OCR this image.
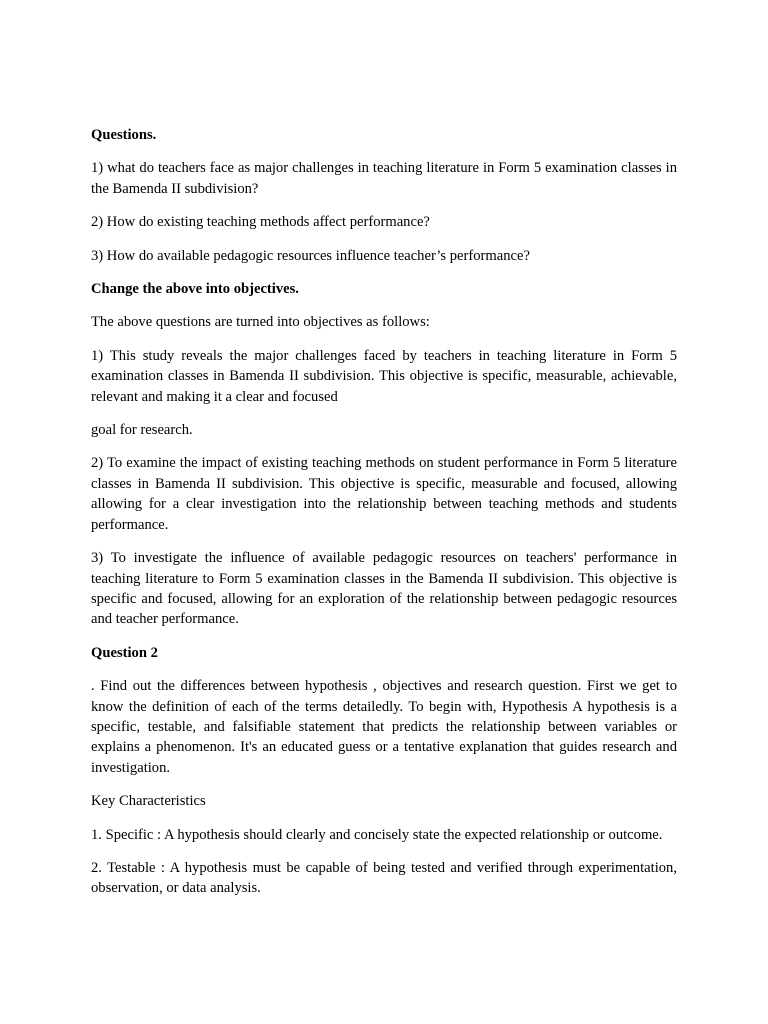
Questions.

1) what do teachers face as major challenges in teaching literature in Form 5 examination classes in the Bamenda II subdivision?

2) How do existing teaching methods affect performance?

3) How do available pedagogic resources influence teacher’s performance?

Change the above into objectives.

The above questions are turned into objectives as follows:

1) This study reveals the major challenges faced by teachers in teaching literature in Form 5 examination classes in Bamenda II subdivision. This objective is specific, measurable, achievable, relevant and making it a clear and focused

goal for research.

2) To examine the impact of existing teaching methods on student performance in Form 5 literature classes in Bamenda II subdivision. This objective is specific, measurable and focused, allowing allowing for a clear investigation into the relationship between teaching methods and students performance.

3) To investigate the influence of available pedagogic resources on teachers' performance in teaching literature to Form 5 examination classes in the Bamenda II subdivision. This objective is specific and focused, allowing for an exploration of the relationship between pedagogic resources and teacher performance.

Question 2

. Find out the differences between hypothesis , objectives and research question. First we get to know the definition of each of the terms detailedly. To begin with, Hypothesis A hypothesis is a specific, testable, and falsifiable statement that predicts the relationship between variables or explains a phenomenon. It's an educated guess or a tentative explanation that guides research and investigation.

Key Characteristics

1. Specific : A hypothesis should clearly and concisely state the expected relationship or outcome.

2. Testable : A hypothesis must be capable of being tested and verified through experimentation, observation, or data analysis.
